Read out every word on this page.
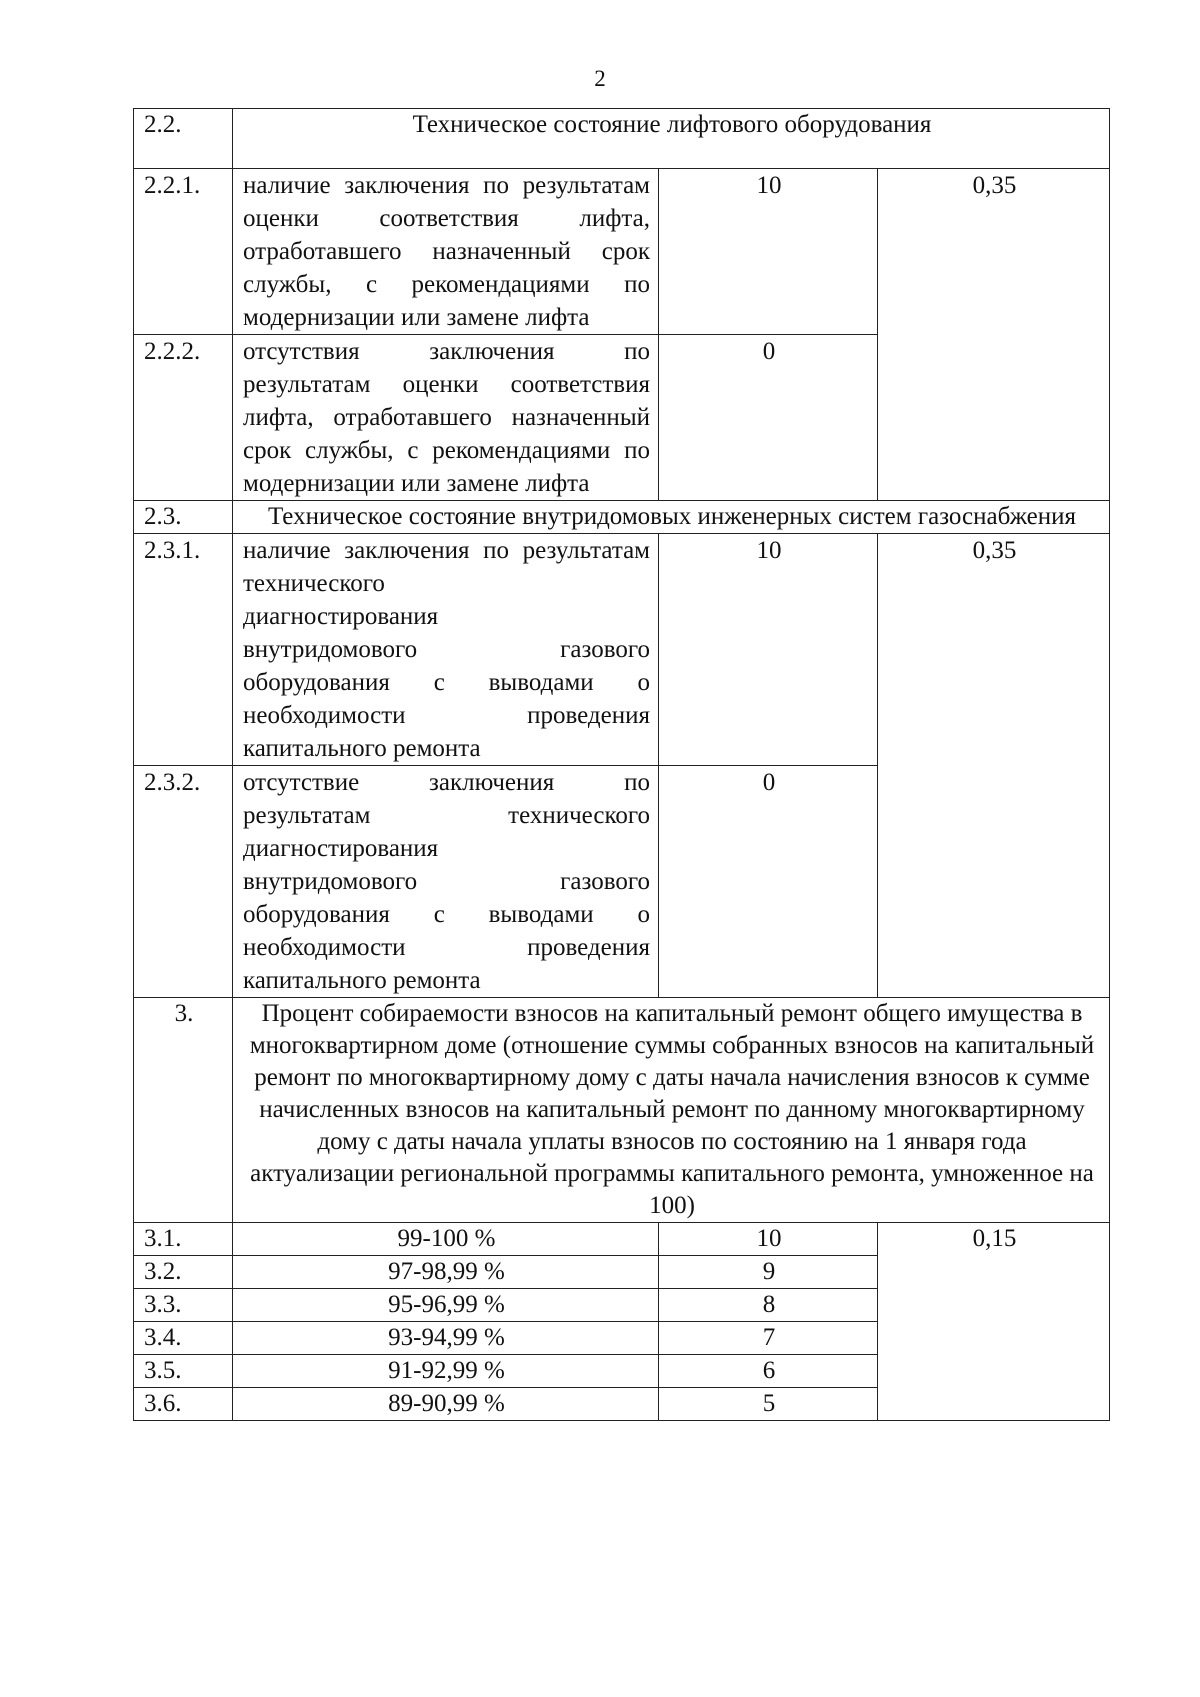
2
2.2.	Техническое состояние лифтового оборудования		
2.2.1.	наличие заключения по результатам оценки соответствия лифта, отработавшего назначенный срок службы, с рекомендациями по
модернизации или замене лифта	10	0,35
2.2.2.	отсутствия заключения по результатам оценки соответствия лифта, отработавшего назначенный срок службы, с рекомендациями по
модернизации или замене лифта	0	
2.3.	Техническое состояние внутридомовых инженерных систем газоснабжения		
2.3.1.	наличие заключения по результатам технического
диагностирования
внутридомового газового оборудования с выводами о необходимости проведения
капитального ремонта	10	0,35
2.3.2.	отсутствие заключения по результатам технического
диагностирования
внутридомового газового оборудования с выводами о необходимости проведения
капитального ремонта	0	
3.	Процент собираемости взносов на капитальный ремонт общего имущества в многоквартирном доме (отношение суммы собранных взносов на капитальный ремонт по многоквартирному дому с даты начала начисления взносов к сумме начисленных взносов на капитальный ремонт по данному многоквартирному дому с даты начала уплаты взносов по состоянию на 1 января года актуализации региональной программы капитального ремонта, умноженное на 100)		
3.1.	99-100 %	10	0,15
3.2.	97-98,99 %	9	
3.3.	95-96,99 %	8	
3.4.	93-94,99 %	7	
3.5.	91-92,99 %	6	
3.6.	89-90,99 %	5	
